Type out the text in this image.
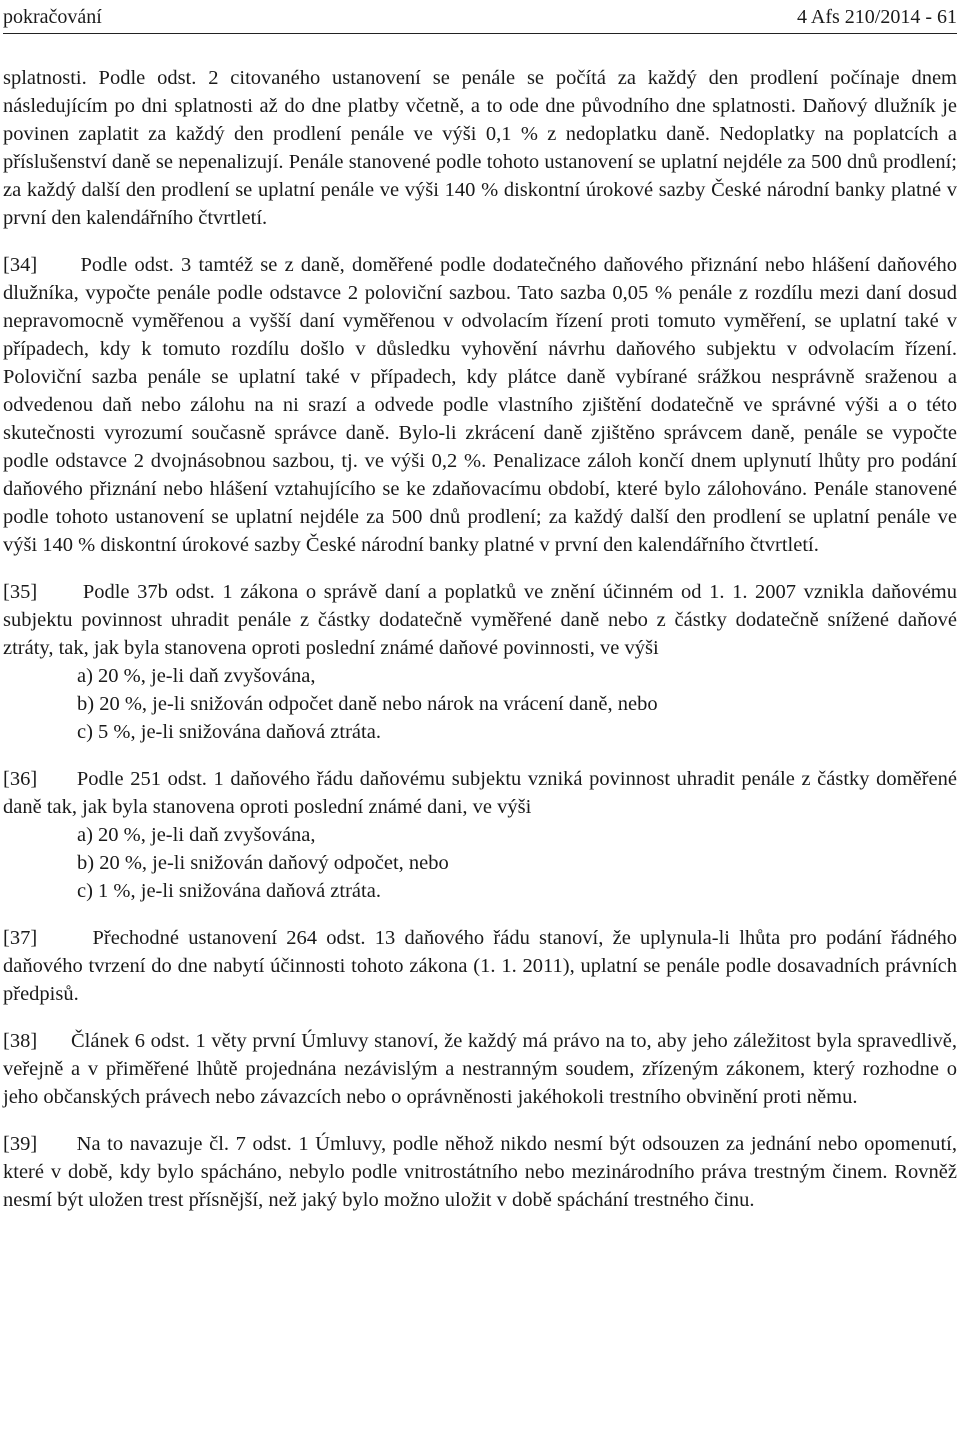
pokračování	4 Afs 210/2014 - 61

splatnosti. Podle odst. 2 citovaného ustanovení se penále se počítá za každý den prodlení počínaje dnem následujícím po dni splatnosti až do dne platby včetně, a to ode dne původního dne splatnosti. Daňový dlužník je povinen zaplatit za každý den prodlení penále ve výši 0,1 % z nedoplatku daně. Nedoplatky na poplatcích a příslušenství daně se nepenalizují. Penále stanovené podle tohoto ustanovení se uplatní nejdéle za 500 dnů prodlení; za každý další den prodlení se uplatní penále ve výši 140 % diskontní úrokové sazby České národní banky platné v první den kalendářního čtvrtletí.

[34] Podle odst. 3 tamtéž se z daně, doměřené podle dodatečného daňového přiznání nebo hlášení daňového dlužníka, vypočte penále podle odstavce 2 poloviční sazbou. Tato sazba 0,05 % penále z rozdílu mezi daní dosud nepravomocně vyměřenou a vyšší daní vyměřenou v odvolacím řízení proti tomuto vyměření, se uplatní také v případech, kdy k tomuto rozdílu došlo v důsledku vyhovění návrhu daňového subjektu v odvolacím řízení. Poloviční sazba penále se uplatní také v případech, kdy plátce daně vybírané srážkou nesprávně sraženou a odvedenou daň nebo zálohu na ni srazí a odvede podle vlastního zjištění dodatečně ve správné výši a o této skutečnosti vyrozumí současně správce daně. Bylo-li zkrácení daně zjištěno správcem daně, penále se vypočte podle odstavce 2 dvojnásobnou sazbou, tj. ve výši 0,2 %. Penalizace záloh končí dnem uplynutí lhůty pro podání daňového přiznání nebo hlášení vztahujícího se ke zdaňovacímu období, které bylo zálohováno. Penále stanovené podle tohoto ustanovení se uplatní nejdéle za 500 dnů prodlení; za každý další den prodlení se uplatní penále ve výši 140 % diskontní úrokové sazby České národní banky platné v první den kalendářního čtvrtletí.
[35] Podle 37b odst. 1 zákona o správě daní a poplatků ve znění účinném od 1. 1. 2007 vznikla daňovému subjektu povinnost uhradit penále z částky dodatečně vyměřené daně nebo z částky dodatečně snížené daňové ztráty, tak, jak byla stanovena oproti poslední známé daňové povinnosti, ve výši
a) 20 %, je-li daň zvyšována,
b) 20 %, je-li snižován odpočet daně nebo nárok na vrácení daně, nebo
c) 5 %, je-li snižována daňová ztráta.
[36] Podle 251 odst. 1 daňového řádu daňovému subjektu vzniká povinnost uhradit penále z částky doměřené daně tak, jak byla stanovena oproti poslední známé dani, ve výši
a) 20 %, je-li daň zvyšována,
b) 20 %, je-li snižován daňový odpočet, nebo
c) 1 %, je-li snižována daňová ztráta.
[37]	Přechodné ustanovení 264 odst. 13 daňového řádu stanoví, že uplynula-li lhůta pro podání řádného daňového tvrzení do dne nabytí účinnosti tohoto zákona (1. 1. 2011), uplatní se penále podle dosavadních právních předpisů.
[38] Článek 6 odst. 1 věty první Úmluvy stanoví, že každý má právo na to, aby jeho záležitost byla spravedlivě, veřejně a v přiměřené lhůtě projednána nezávislým a nestranným soudem, zřízeným zákonem, který rozhodne o jeho občanských právech nebo závazcích nebo o oprávněnosti jakéhokoli trestního obvinění proti němu.
[39] Na to navazuje čl. 7 odst. 1 Úmluvy, podle něhož nikdo nesmí být odsouzen za jednání nebo opomenutí, které v době, kdy bylo spácháno, nebylo podle vnitrostátního nebo mezinárodního práva trestným činem. Rovněž nesmí být uložen trest přísnější, než jaký bylo možno uložit v době spáchání trestného činu.
